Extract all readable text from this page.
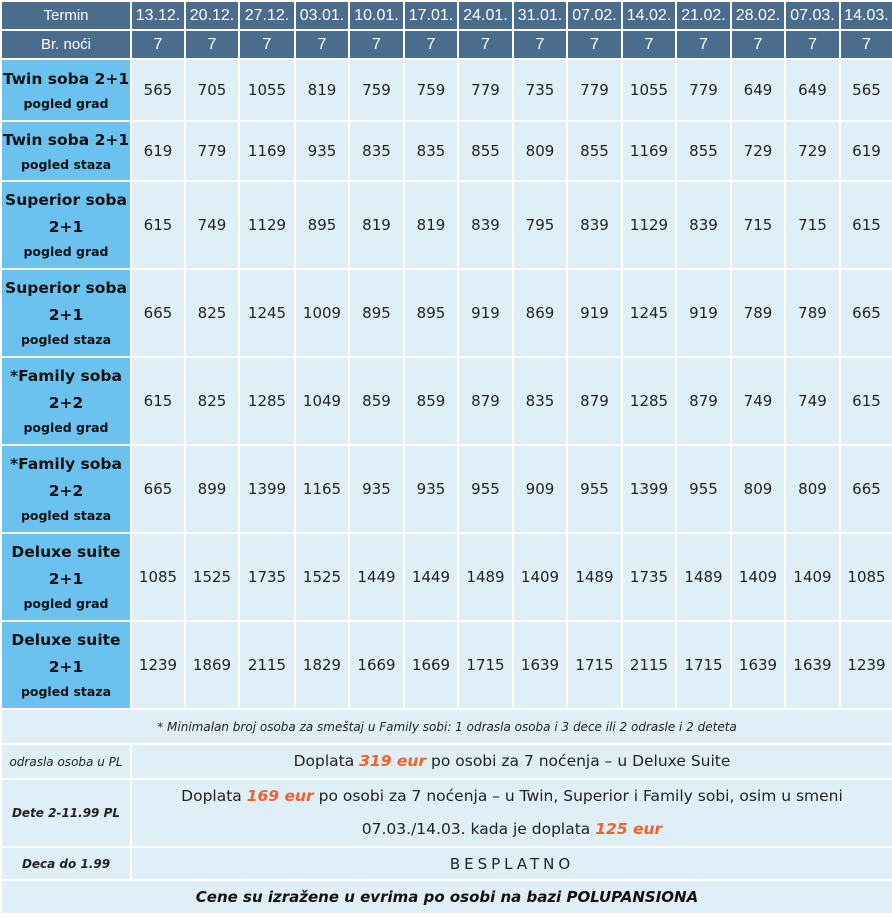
Termin	13.12.	20.12.	27.12.	03.01.	10.01.	17.01.	24.01.	31.01.	07.02.	14.02.	21.02.	28.02.	07.03.	14.03.
Br. noći	7	7	7	7	7	7	7	7	7	7	7	7	7	7

Twin soba 2+1
pogled grad	565	705	1055	819	759	759	779	735	779	1055	779	649	649	565

Twin soba 2+1
pogled staza	619	779	1169	935	835	835	855	809	855	1169	855	729	729	619

Superior soba
2+1
pogled grad	615	749	1129	895	819	819	839	795	839	1129	839	715	715	615

Superior soba
2+1
pogled staza	665	825	1245	1009	895	895	919	869	919	1245	919	789	789	665

*Family soba
2+2
pogled grad	615	825	1285	1049	859	859	879	835	879	1285	879	749	749	615

*Family soba
2+2
pogled staza	665	899	1399	1165	935	935	955	909	955	1399	955	809	809	665

Deluxe suite
2+1
pogled grad	1085	1525	1735	1525	1449	1449	1489	1409	1489	1735	1489	1409	1409	1085

Deluxe suite
2+1
pogled staza	1239	1869	2115	1829	1669	1669	1715	1639	1715	2115	1715	1639	1639	1239
* Minimalan broj osoba za smeštaj u Family sobi: 1 odrasla osoba i 3 dece ili 2 odrasle i 2 deteta														
odrasla osoba u PL	Doplata 319 eur po osobi za 7 noćenja – u Deluxe Suite													
Dete 2-11.99 PL	Doplata 169 eur po osobi za 7 noćenja – u Twin, Superior i Family sobi, osim u smeni 07.03./14.03. kada je doplata 125 eur													
Deca do 1.99	BESPLATNO													
Cene su izražene u evrima po osobi na bazi POLUPANSIONA														
